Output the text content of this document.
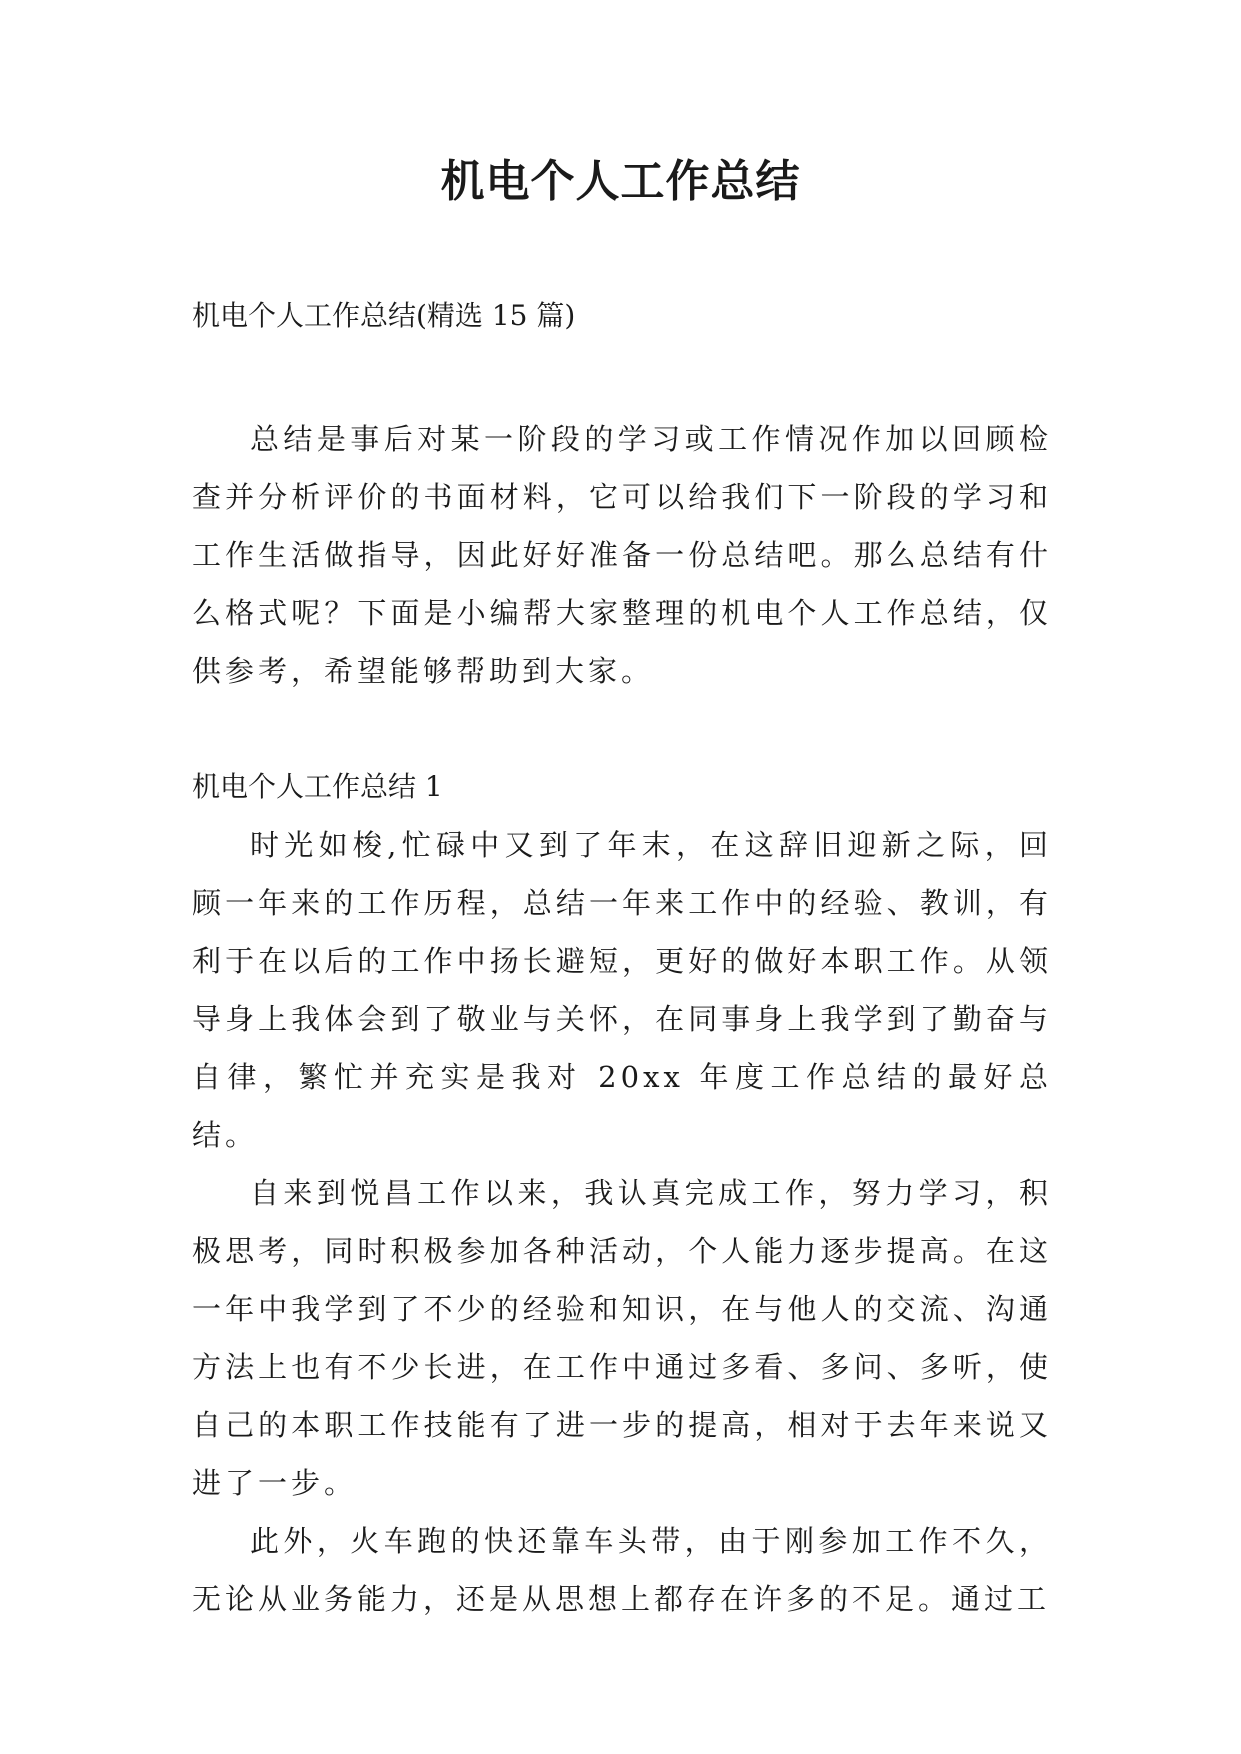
机电个人工作总结
机电个人工作总结(精选 15 篇)

总结是事后对某一阶段的学习或工作情况作加以回顾检查并分析评价的书面材料，它可以给我们下一阶段的学习和工作生活做指导，因此好好准备一份总结吧。那么总结有什么格式呢？下面是小编帮大家整理的机电个人工作总结，仅供参考，希望能够帮助到大家。

机电个人工作总结 1

时光如梭,忙碌中又到了年末，在这辞旧迎新之际，回顾一年来的工作历程，总结一年来工作中的经验、教训，有利于在以后的工作中扬长避短，更好的做好本职工作。从领导身上我体会到了敬业与关怀，在同事身上我学到了勤奋与自律，繁忙并充实是我对 20xx 年度工作总结的最好总结。

自来到悦昌工作以来，我认真完成工作，努力学习，积极思考，同时积极参加各种活动，个人能力逐步提高。在这一年中我学到了不少的经验和知识，在与他人的交流、沟通方法上也有不少长进，在工作中通过多看、多问、多听，使自己的本职工作技能有了进一步的提高，相对于去年来说又进了一步。

此外，火车跑的快还靠车头带，由于刚参加工作不久，无论从业务能力，还是从思想上都存在许多的不足。通过工
